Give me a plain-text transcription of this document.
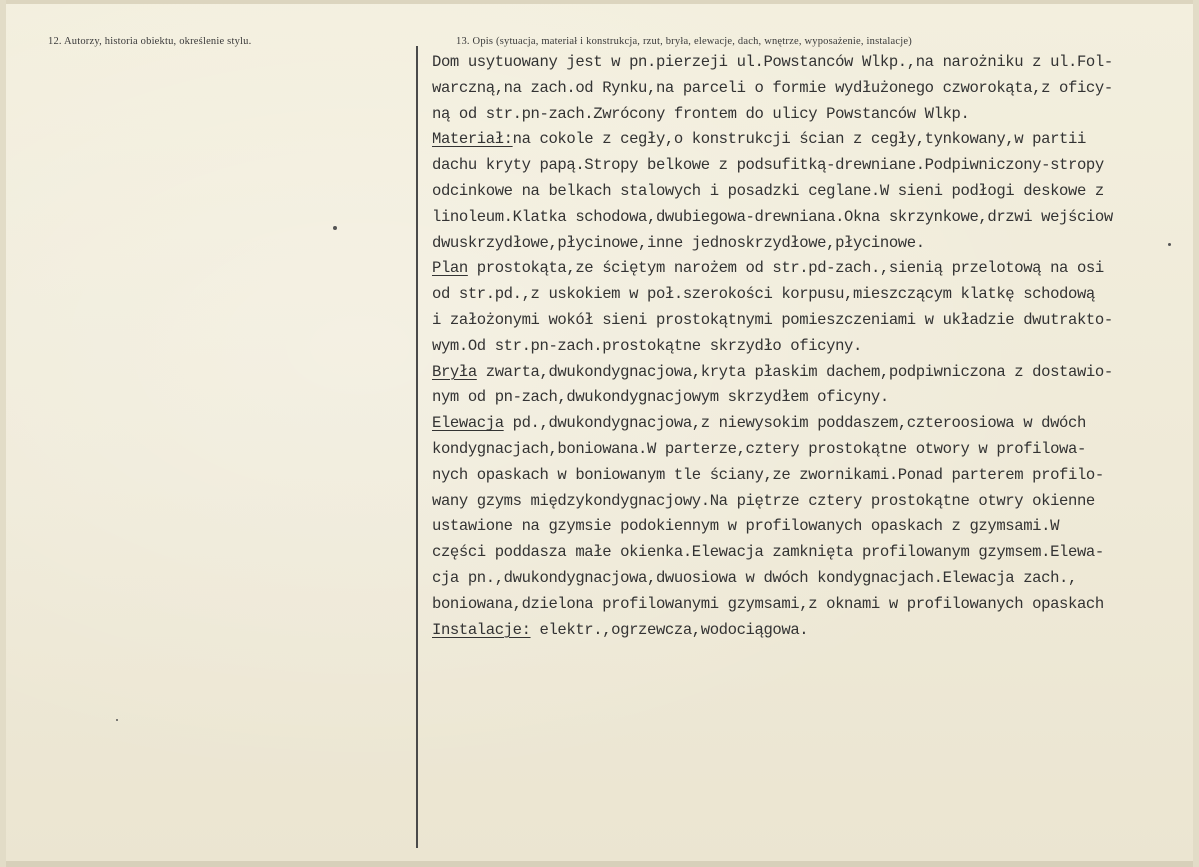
12. Autorzy, historia obiektu, określenie stylu.	13. Opis (sytuacja, materiał i konstrukcja, rzut, bryła, elewacje, dach, wnętrze, wyposażenie, instalacje)
Dom usytuowany jest w pn.pierzeji ul.Powstanców Wlkp.,na narożniku z ul.Fol-
warczną,na zach.od Rynku,na parceli o formie wydłużonego czworokąta,z oficy-
ną od str.pn-zach.Zwrócony frontem do ulicy Powstanców Wlkp.
Materiał:na cokole z cegły,o konstrukcji ścian z cegły,tynkowany,w partii
dachu kryty papą.Stropy belkowe z podsufitką-drewniane.Podpiwniczony-stropy
odcinkowe na belkach stalowych i posadzki ceglane.W sieni podłogi deskowe z
linoleum.Klatka schodowa,dwubiegowa-drewniana.Okna skrzynkowe,drzwi wejściow
dwuskrzydłowe,płycinowe,inne jednoskrzydłowe,płycinowe.
Plan prostokąta,ze ściętym narożem od str.pd-zach.,sienią przelotową na osi
od str.pd.,z uskokiem w poł.szerokości korpusu,mieszczącym klatkę schodową
i założonymi wokół sieni prostokątnymi pomieszczeniami w układzie dwutrakto-
wym.Od str.pn-zach.prostokątne skrzydło oficyny.
Bryła zwarta,dwukondygnacjowa,kryta płaskim dachem,podpiwniczona z dostawio-
nym od pn-zach,dwukondygnacjowym skrzydłem oficyny.
Elewacja pd.,dwukondygnacjowa,z niewysokim poddaszem,czteroosiowa w dwóch
kondygnacjach,boniowana.W parterze,cztery prostokątne otwory w profilowa-
nych opaskach w boniowanym tle ściany,ze zwornikami.Ponad parterem profilo-
wany gzyms międzykondygnacjowy.Na piętrze cztery prostokątne otwry okienne
ustawione na gzymsie podokiennym w profilowanych opaskach z gzymsami.W
części poddasza małe okienka.Elewacja zamknięta profilowanym gzymsem.Elewa-
cja pn.,dwukondygnacjowa,dwuosiowa w dwóch kondygnacjach.Elewacja zach.,
boniowana,dzielona profilowanymi gzymsami,z oknami w profilowanych opaskach
Instalacje: elektr.,ogrzewcza,wodociągowa.
